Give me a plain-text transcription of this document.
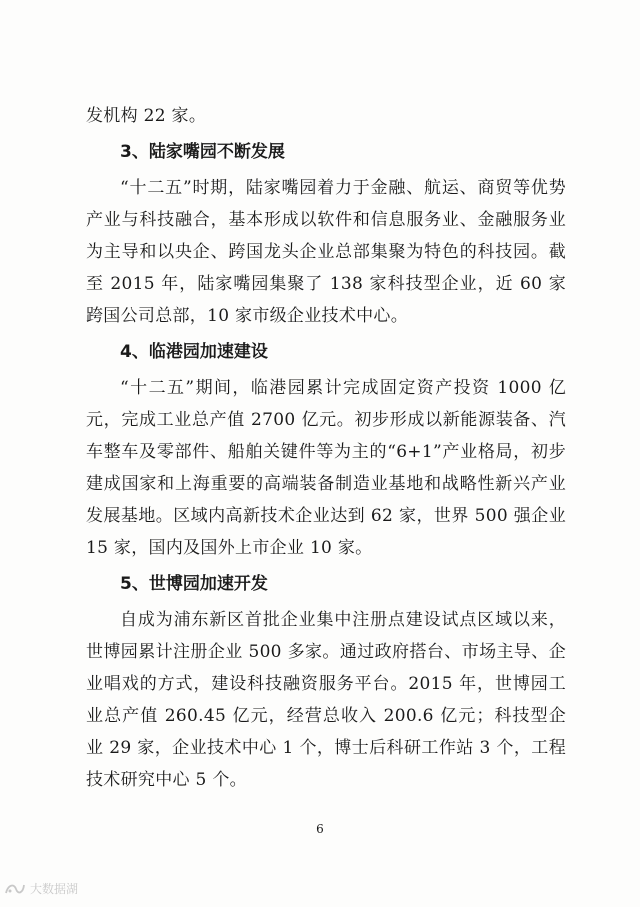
发机构 22 家。

3、陆家嘴园不断发展

“十二五”时期，陆家嘴园着力于金融、航运、商贸等优势产业与科技融合，基本形成以软件和信息服务业、金融服务业为主导和以央企、跨国龙头企业总部集聚为特色的科技园。截至 2015 年，陆家嘴园集聚了 138 家科技型企业，近 60 家跨国公司总部，10 家市级企业技术中心。

4、临港园加速建设

“十二五”期间，临港园累计完成固定资产投资 1000 亿元，完成工业总产值 2700 亿元。初步形成以新能源装备、汽车整车及零部件、船舶关键件等为主的“6+1”产业格局，初步建成国家和上海重要的高端装备制造业基地和战略性新兴产业发展基地。区域内高新技术企业达到 62 家，世界 500 强企业 15 家，国内及国外上市企业 10 家。

5、世博园加速开发

自成为浦东新区首批企业集中注册点建设试点区域以来，世博园累计注册企业 500 多家。通过政府搭台、市场主导、企业唱戏的方式，建设科技融资服务平台。2015 年，世博园工业总产值 260.45 亿元，经营总收入 200.6 亿元；科技型企业 29 家，企业技术中心 1 个，博士后科研工作站 3 个，工程技术研究中心 5 个。

6
大数据湖
